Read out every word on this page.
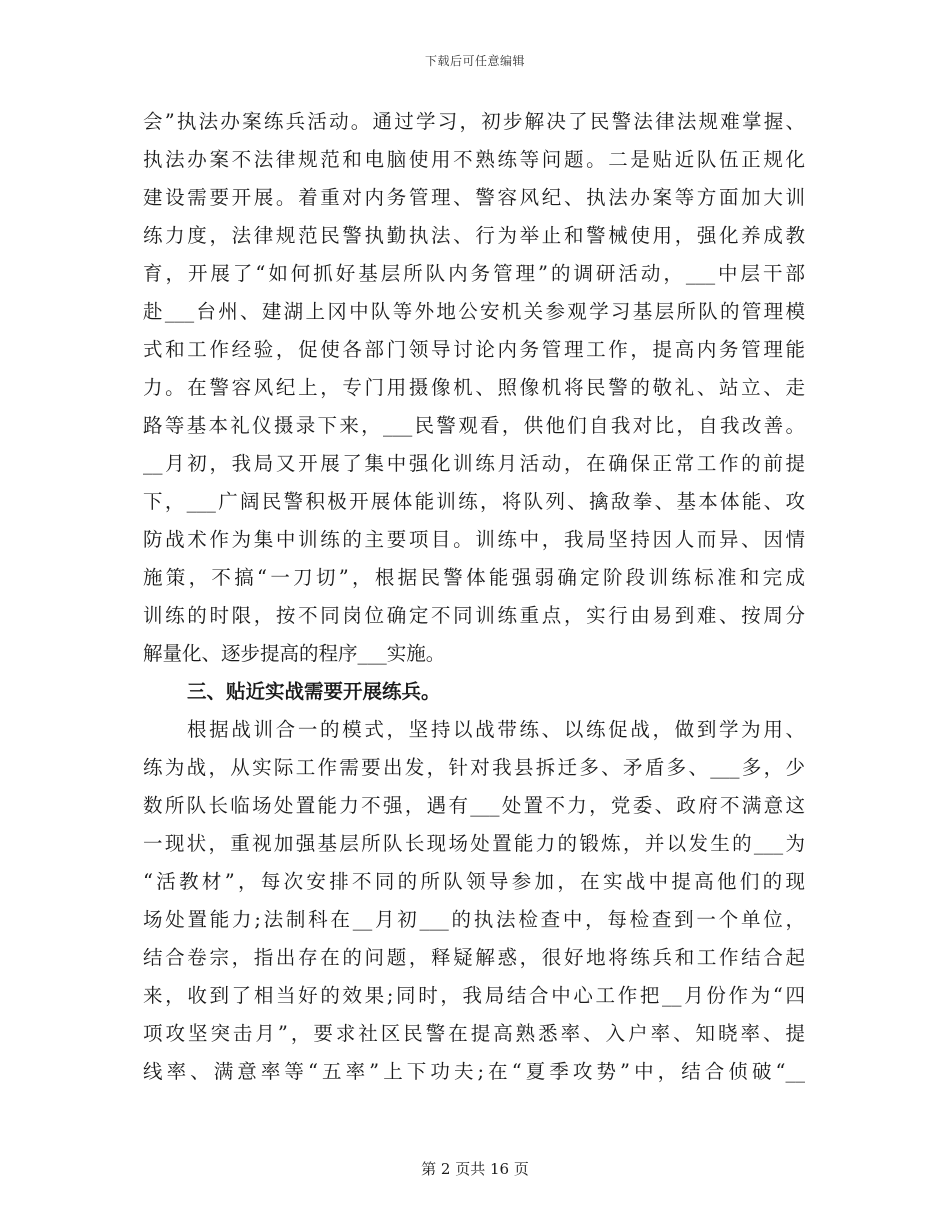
下载后可任意编辑
会”执法办案练兵活动。通过学习，初步解决了民警法律法规难掌握、
执法办案不法律规范和电脑使用不熟练等问题。二是贴近队伍正规化
建设需要开展。着重对内务管理、警容风纪、执法办案等方面加大训
练力度，法律规范民警执勤执法、行为举止和警械使用，强化养成教
育，开展了“如何抓好基层所队内务管理”的调研活动，___中层干部
赴___台州、建湖上冈中队等外地公安机关参观学习基层所队的管理模
式和工作经验，促使各部门领导讨论内务管理工作，提高内务管理能
力。在警容风纪上，专门用摄像机、照像机将民警的敬礼、站立、走
路等基本礼仪摄录下来，___民警观看，供他们自我对比，自我改善。
__月初，我局又开展了集中强化训练月活动，在确保正常工作的前提
下，___广阔民警积极开展体能训练，将队列、擒敌拳、基本体能、攻
防战术作为集中训练的主要项目。训练中，我局坚持因人而异、因情
施策，不搞“一刀切”，根据民警体能强弱确定阶段训练标准和完成
训练的时限，按不同岗位确定不同训练重点，实行由易到难、按周分
解量化、逐步提高的程序___实施。
三、贴近实战需要开展练兵。
根据战训合一的模式，坚持以战带练、以练促战，做到学为用、
练为战，从实际工作需要出发，针对我县拆迁多、矛盾多、___多，少
数所队长临场处置能力不强，遇有___处置不力，党委、政府不满意这
一现状，重视加强基层所队长现场处置能力的锻炼，并以发生的___为
“活教材”，每次安排不同的所队领导参加，在实战中提高他们的现
场处置能力;法制科在__月初___的执法检查中，每检查到一个单位，
结合卷宗，指出存在的问题，释疑解惑，很好地将练兵和工作结合起
来，收到了相当好的效果;同时，我局结合中心工作把__月份作为“四
项攻坚突击月”，要求社区民警在提高熟悉率、入户率、知晓率、提
线率、满意率等“五率”上下功夫;在“夏季攻势”中，结合侦破“__
第 2 页共 16 页
